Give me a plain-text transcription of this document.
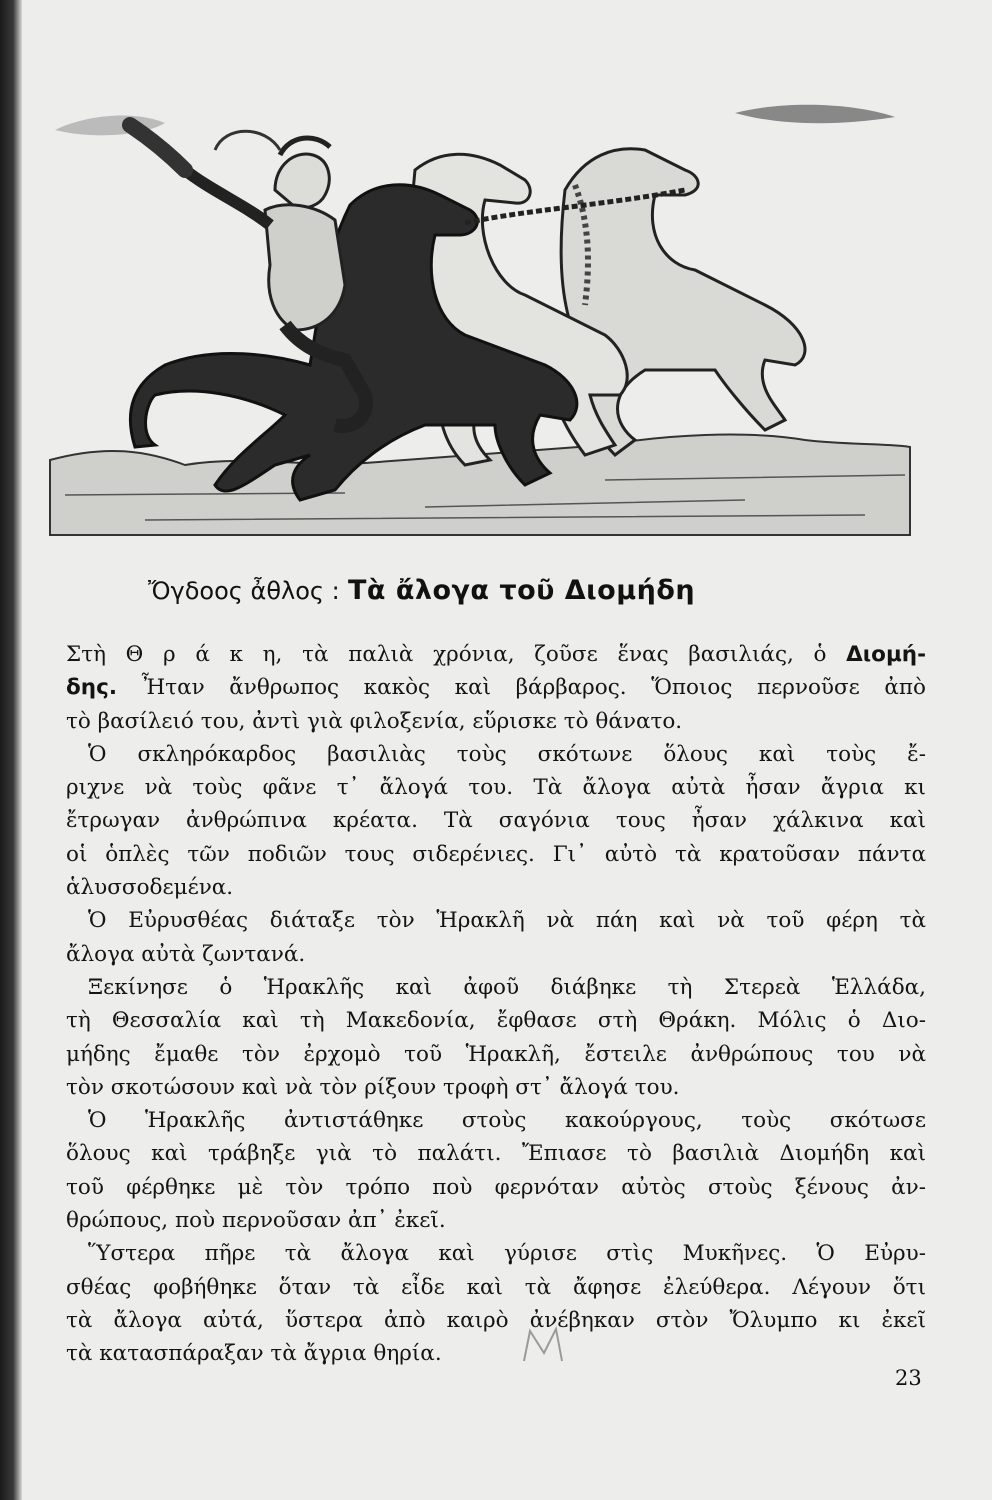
Ὄγδοος ἆθλος : Τὰ ἄλογα τοῦ Διομήδη
Στὴ Θ ρ ά κ η, τὰ παλιὰ χρόνια, ζοῦσε ἕνας βασιλιάς, ὁ Διομή-
δης. Ἦταν ἄνθρωπος κακὸς καὶ βάρβαρος. Ὅποιος περνοῦσε ἀπὸ
τὸ βασίλειό του, ἀντὶ γιὰ φιλοξενία, εὕρισκε τὸ θάνατο.
Ὁ σκληρόκαρδος βασιλιὰς τοὺς σκότωνε ὅλους καὶ τοὺς ἔ-
ριχνε νὰ τοὺς φᾶνε τ᾿ ἄλογά του. Τὰ ἄλογα αὐτὰ ἦσαν ἄγρια κι
ἔτρωγαν ἀνθρώπινα κρέατα. Τὰ σαγόνια τους ἦσαν χάλκινα καὶ
οἱ ὁπλὲς τῶν ποδιῶν τους σιδερένιες. Γι᾿ αὐτὸ τὰ κρατοῦσαν πάντα
ἁλυσσοδεμένα.
Ὁ Εὐρυσθέας διάταξε τὸν Ἡρακλῆ νὰ πάη καὶ νὰ τοῦ φέρη τὰ
ἄλογα αὐτὰ ζωντανά.
Ξεκίνησε ὁ Ἡρακλῆς καὶ ἀφοῦ διάβηκε τὴ Στερεὰ Ἑλλάδα,
τὴ Θεσσαλία καὶ τὴ Μακεδονία, ἔφθασε στὴ Θράκη. Μόλις ὁ Διο-
μήδης ἔμαθε τὸν ἐρχομὸ τοῦ Ἡρακλῆ, ἔστειλε ἀνθρώπους του νὰ
τὸν σκοτώσουν καὶ νὰ τὸν ρίξουν τροφὴ στ᾿ ἄλογά του.
Ὁ Ἡρακλῆς ἀντιστάθηκε στοὺς κακούργους, τοὺς σκότωσε
ὅλους καὶ τράβηξε γιὰ τὸ παλάτι. Ἔπιασε τὸ βασιλιὰ Διομήδη καὶ
τοῦ φέρθηκε μὲ τὸν τρόπο ποὺ φερνόταν αὐτὸς στοὺς ξένους ἀν-
θρώπους, ποὺ περνοῦσαν ἀπ᾿ ἐκεῖ.
Ὕστερα πῆρε τὰ ἄλογα καὶ γύρισε στὶς Μυκῆνες. Ὁ Εὐρυ-
σθέας φοβήθηκε ὅταν τὰ εἶδε καὶ τὰ ἄφησε ἐλεύθερα. Λέγουν ὅτι
τὰ ἄλογα αὐτά, ὕστερα ἀπὸ καιρὸ ἀνέβηκαν στὸν Ὄλυμπο κι ἐκεῖ
τὰ κατασπάραξαν τὰ ἄγρια θηρία.
23
